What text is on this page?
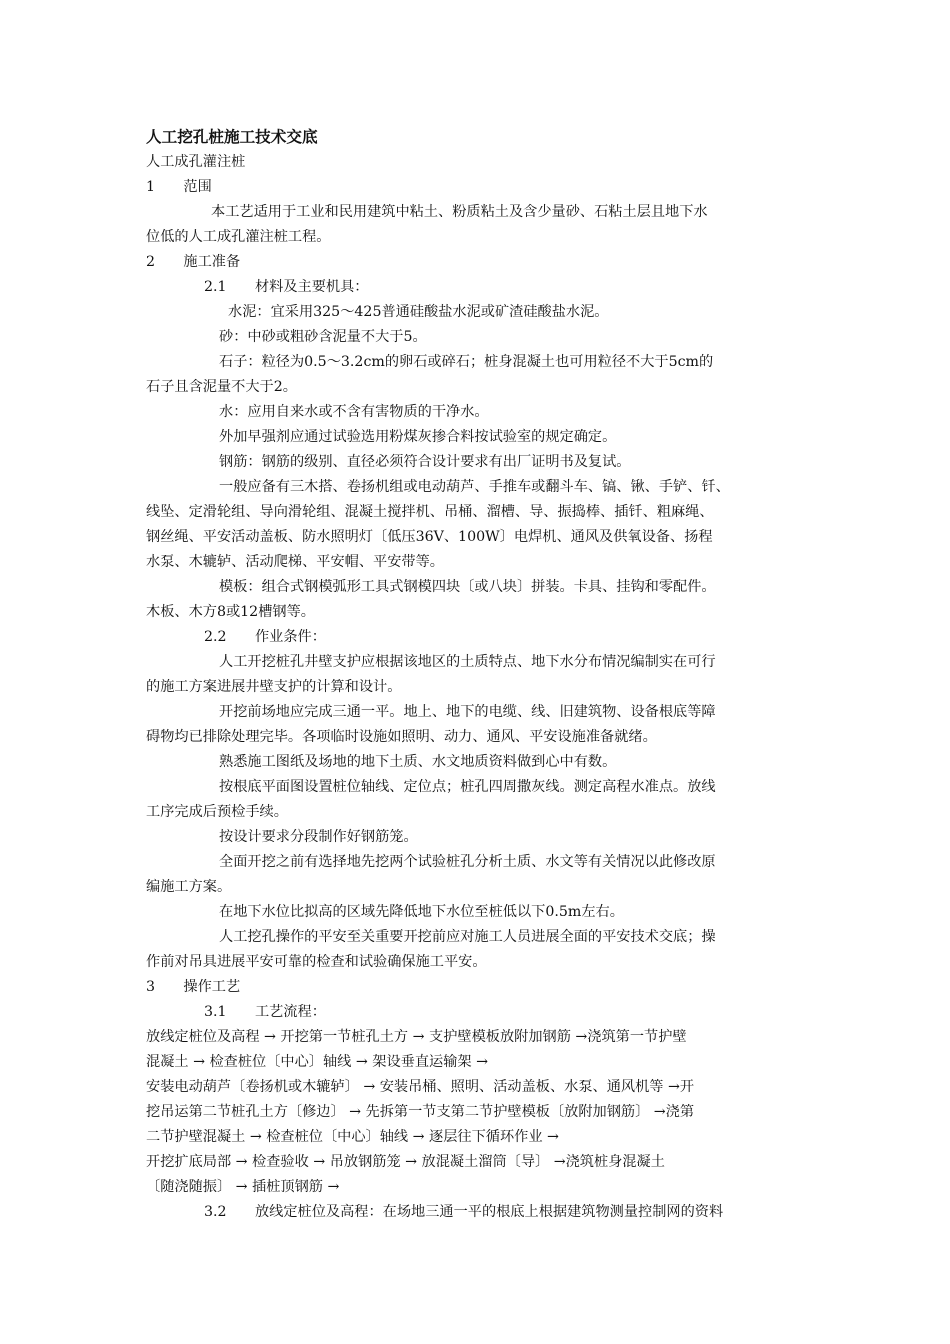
人工挖孔桩施工技术交底
人工成孔灌注桩
1　　范围
本工艺适用于工业和民用建筑中粘土、粉质粘土及含少量砂、石粘土层且地下水
位低的人工成孔灌注桩工程。
2　　施工准备
2.1　　材料及主要机具：
水泥：宜采用325～425普通硅酸盐水泥或矿渣硅酸盐水泥。
砂：中砂或粗砂含泥量不大于5。
石子：粒径为0.5～3.2cm的卵石或碎石；桩身混凝土也可用粒径不大于5cm的
石子且含泥量不大于2。
水：应用自来水或不含有害物质的干净水。
外加早强剂应通过试验选用粉煤灰掺合料按试验室的规定确定。
钢筋：钢筋的级别、直径必须符合设计要求有出厂证明书及复试。
一般应备有三木搭、卷扬机组或电动葫芦、手推车或翻斗车、镐、锹、手铲、钎、
线坠、定滑轮组、导向滑轮组、混凝土搅拌机、吊桶、溜槽、导、振捣棒、插钎、粗麻绳、
钢丝绳、平安活动盖板、防水照明灯〔低压36V、100W〕电焊机、通风及供氧设备、扬程
水泵、木辘轳、活动爬梯、平安帽、平安带等。
模板：组合式钢模弧形工具式钢模四块〔或八块〕拼装。卡具、挂钩和零配件。
木板、木方8或12槽钢等。
2.2　　作业条件：
人工开挖桩孔井壁支护应根据该地区的土质特点、地下水分布情况编制实在可行
的施工方案进展井壁支护的计算和设计。
开挖前场地应完成三通一平。地上、地下的电缆、线、旧建筑物、设备根底等障
碍物均已排除处理完毕。各项临时设施如照明、动力、通风、平安设施准备就绪。
熟悉施工图纸及场地的地下土质、水文地质资料做到心中有数。
按根底平面图设置桩位轴线、定位点；桩孔四周撒灰线。测定高程水准点。放线
工序完成后预检手续。
按设计要求分段制作好钢筋笼。
全面开挖之前有选择地先挖两个试验桩孔分析土质、水文等有关情况以此修改原
编施工方案。
在地下水位比拟高的区域先降低地下水位至桩低以下0.5m左右。
人工挖孔操作的平安至关重要开挖前应对施工人员进展全面的平安技术交底；操
作前对吊具进展平安可靠的检查和试验确保施工平安。
3　　操作工艺
3.1　　工艺流程：
放线定桩位及高程 → 开挖第一节桩孔土方 → 支护壁模板放附加钢筋 →浇筑第一节护壁
混凝土 → 检查桩位〔中心〕轴线 → 架设垂直运输架 →
安装电动葫芦〔卷扬机或木辘轳〕 → 安装吊桶、照明、活动盖板、水泵、通风机等 →开
挖吊运第二节桩孔土方〔修边〕 → 先拆第一节支第二节护壁模板〔放附加钢筋〕 →浇第
二节护壁混凝土 → 检查桩位〔中心〕轴线 → 逐层往下循环作业 →
开挖扩底局部 → 检查验收 → 吊放钢筋笼 → 放混凝土溜筒〔导〕 →浇筑桩身混凝土
〔随浇随振〕 → 插桩顶钢筋 →
3.2　　放线定桩位及高程：在场地三通一平的根底上根据建筑物测量控制网的资料
